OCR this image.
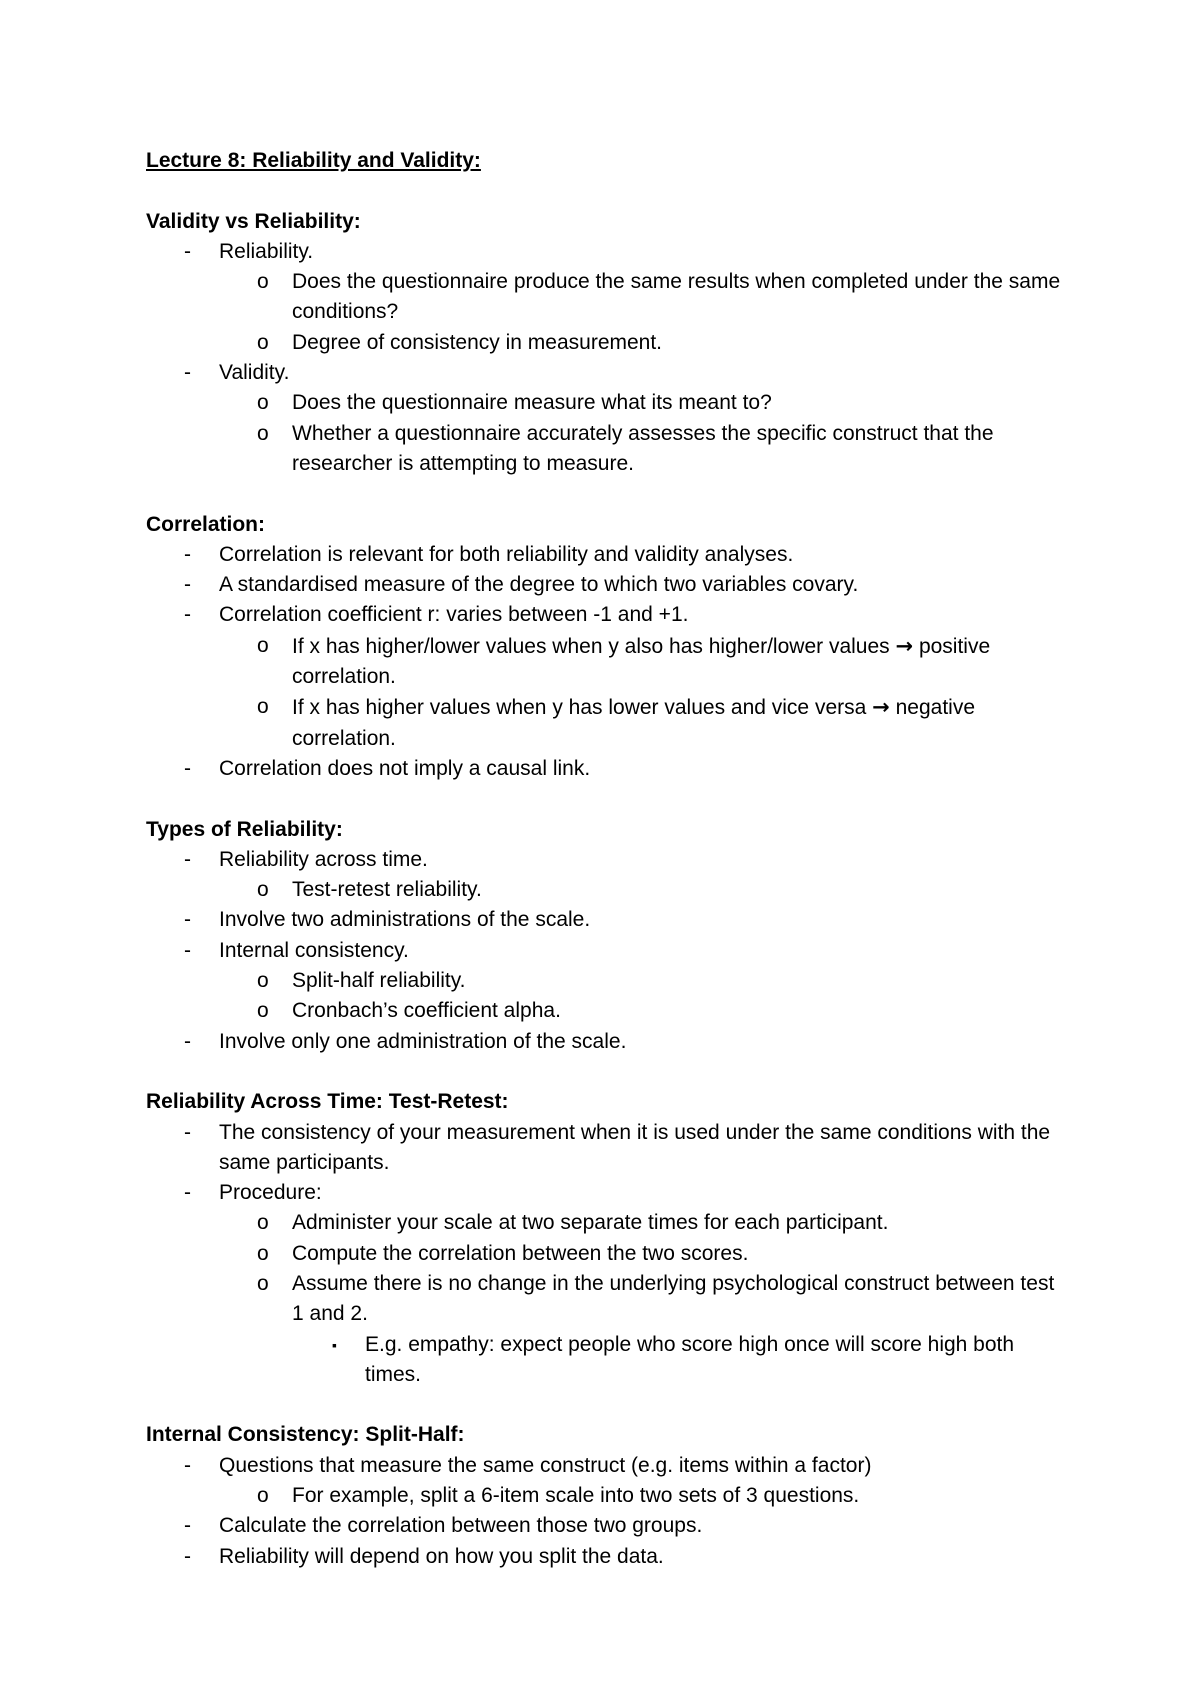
Lecture 8: Reliability and Validity:

Validity vs Reliability:

- Reliability.
o Does the questionnaire produce the same results when completed under the same conditions?
o Degree of consistency in measurement.
- Validity.
o Does the questionnaire measure what its meant to?
o Whether a questionnaire accurately assesses the specific construct that the researcher is attempting to measure.

Correlation:

- Correlation is relevant for both reliability and validity analyses.
- A standardised measure of the degree to which two variables covary.
- Correlation coefficient r: varies between -1 and +1.
o If x has higher/lower values when y also has higher/lower values → positive correlation.
o If x has higher values when y has lower values and vice versa → negative correlation.
- Correlation does not imply a causal link.

Types of Reliability:

- Reliability across time.
o Test-retest reliability.
- Involve two administrations of the scale.
- Internal consistency.
o Split-half reliability.
o Cronbach’s coefficient alpha.
- Involve only one administration of the scale.

Reliability Across Time: Test-Retest:

- The consistency of your measurement when it is used under the same conditions with the same participants.
- Procedure:
o Administer your scale at two separate times for each participant.
o Compute the correlation between the two scores.
o Assume there is no change in the underlying psychological construct between test 1 and 2.
▪ E.g. empathy: expect people who score high once will score high both times.

Internal Consistency: Split-Half:

- Questions that measure the same construct (e.g. items within a factor)
o For example, split a 6-item scale into two sets of 3 questions.
- Calculate the correlation between those two groups.
- Reliability will depend on how you split the data.
